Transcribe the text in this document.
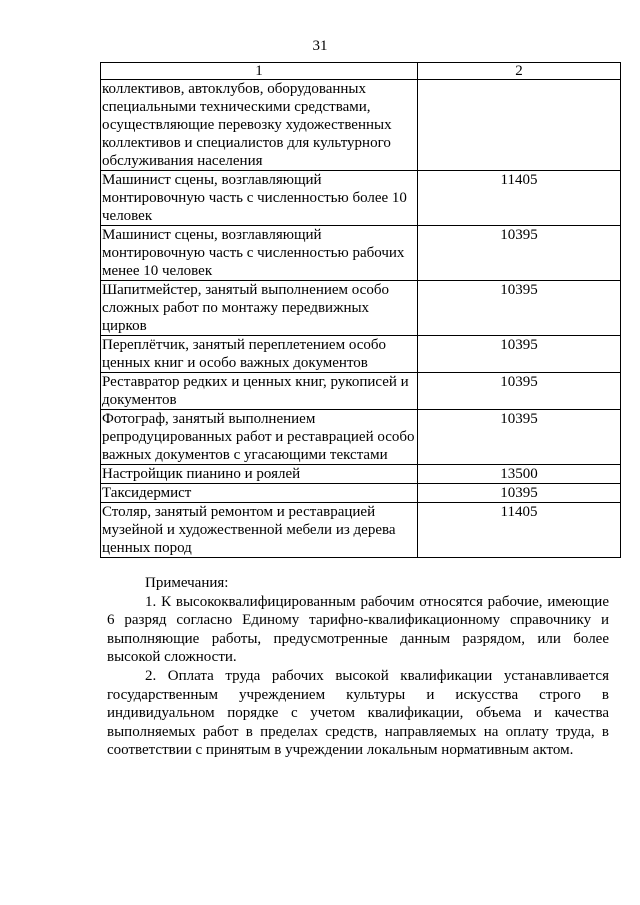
31
1	2
коллективов, автоклубов, оборудованных специальными техническими средствами, осуществляющие перевозку художественных коллективов и специалистов для культурного обслуживания населения	
Машинист сцены, возглавляющий монтировочную часть с численностью более 10 человек	11405
Машинист сцены, возглавляющий монтировочную часть с численностью рабочих менее 10 человек	10395
Шапитмейстер, занятый выполнением особо сложных работ по монтажу передвижных цирков	10395
Переплётчик, занятый переплетением особо ценных книг и особо важных документов	10395
Реставратор редких и ценных книг, рукописей и документов	10395
Фотограф, занятый выполнением репродуцированных работ и реставрацией особо важных документов с угасающими текстами	10395
Настройщик пианино и роялей	13500
Таксидермист	10395
Столяр, занятый ремонтом и реставрацией музейной и художественной мебели из дерева ценных пород	11405
Примечания:

1. К высококвалифицированным рабочим относятся рабочие, имеющие 6 разряд согласно Единому тарифно-квалификационному справочнику и выполняющие работы, предусмотренные данным разрядом, или более высокой сложности.

2. Оплата труда рабочих высокой квалификации устанавливается государственным учреждением культуры и искусства строго в индивидуальном порядке с учетом квалификации, объема и качества выполняемых работ в пределах средств, направляемых на оплату труда, в соответствии с принятым в учреждении локальным нормативным актом.
